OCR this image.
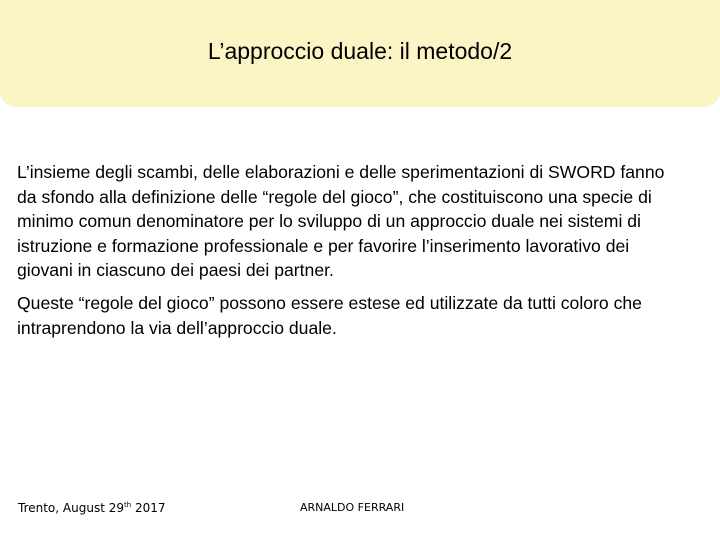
L’approccio duale: il metodo/2

L’insieme degli scambi, delle elaborazioni e delle sperimentazioni di SWORD fanno da sfondo alla definizione delle “regole del gioco”, che costituiscono una specie di minimo comun denominatore per lo sviluppo di un approccio duale nei sistemi di istruzione e formazione professionale e per favorire l’inserimento lavorativo dei giovani in ciascuno dei paesi dei partner.

Queste “regole del gioco” possono essere estese ed utilizzate da tutti coloro che intraprendono la via dell’approccio duale.

Trento, August 29th 2017	ARNALDO FERRARI
